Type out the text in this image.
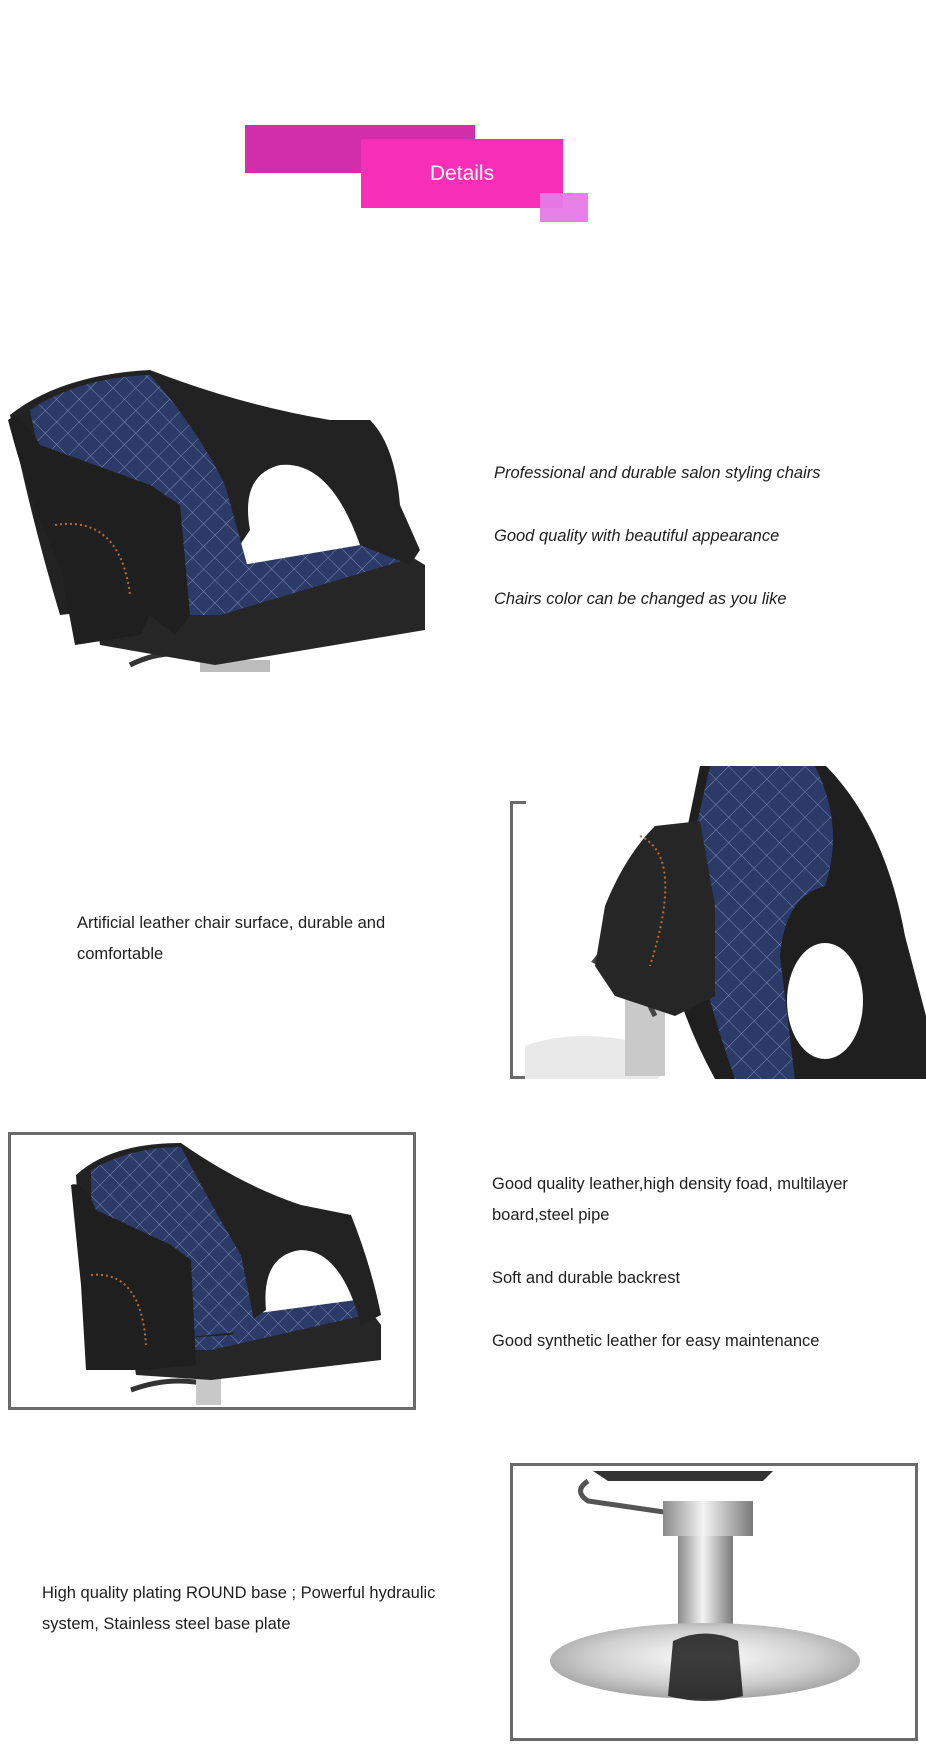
Details

Professional and durable salon styling chairs

Good quality with beautiful appearance

Chairs color can be changed as you like

Artificial leather chair surface, durable and

comfortable

Good quality leather,high density foad, multilayer

board,steel pipe

Soft and durable backrest

Good synthetic leather for easy maintenance

High quality plating ROUND base ; Powerful hydraulic

system, Stainless steel base plate
